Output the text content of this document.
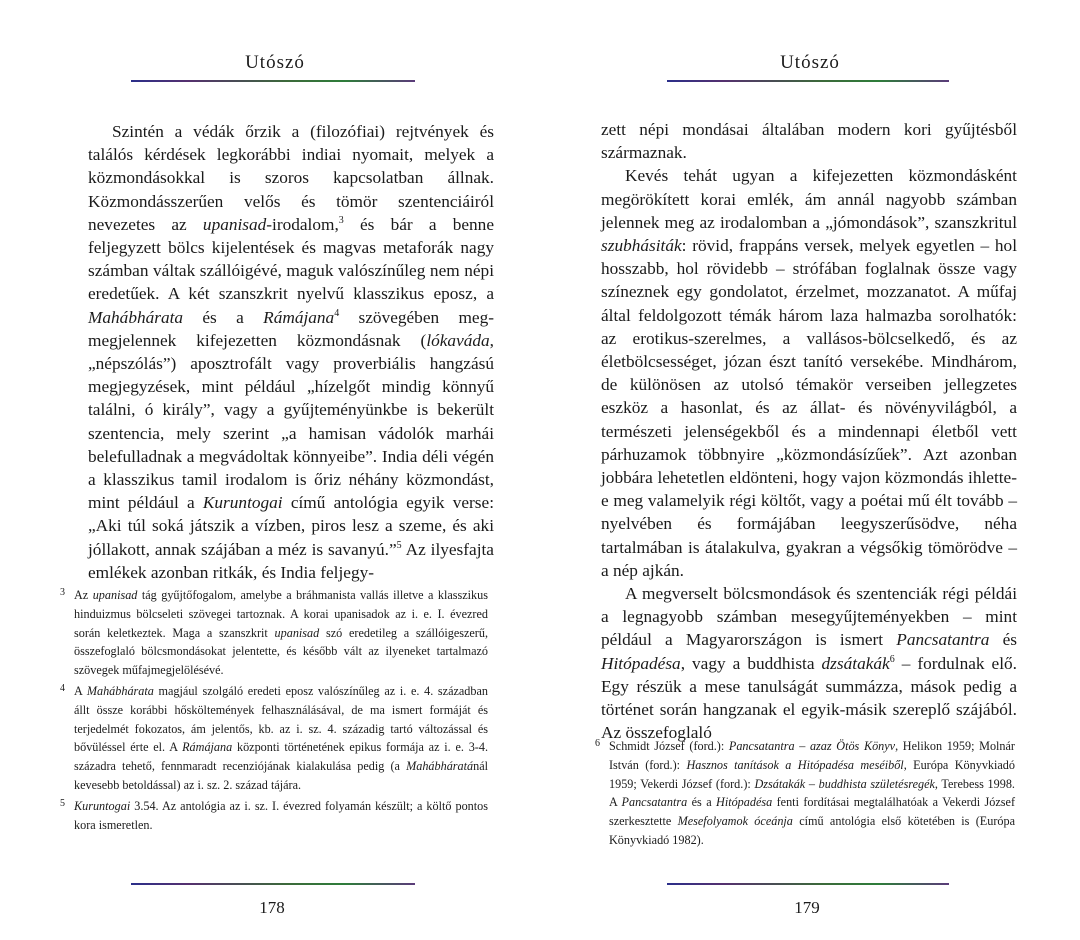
Utószó

Szintén a védák őrzik a (filozófiai) rejtvények és találós kérdések legkorábbi indiai nyomait, melyek a közmondásokkal is szoros kapcsolatban állnak. Közmondásszerűen velős és tömör szentenciáiról nevezetes az upanisad-irodalom,$^3$ és bár a benne feljegyzett bölcs kijelentések és magvas metaforák nagy számban váltak szállóigévé, maguk valószínűleg nem népi eredetűek. A két szanszkrit nyelvű klasszikus eposz, a Mahábhárata és a Rámájana$^4$ szövegében meg-megjelennek kifejezetten közmondásnak (lókaváda, „népszólás”) aposztrofált vagy proverbiális hangzású megjegyzések, mint például „hízelgőt mindig könnyű találni, ó király”, vagy a gyűjteményünkbe is bekerült szentencia, mely szerint „a hamisan vádolók marhái belefulladnak a megvádoltak könnyeibe”. India déli végén a klasszikus tamil irodalom is őriz néhány közmondást, mint például a Kuruntogai című antológia egyik verse: „Aki túl soká játszik a vízben, piros lesz a szeme, és aki jóllakott, annak szájában a méz is savanyú.”$^5$ Az ilyesfajta emlékek azonban ritkák, és India feljegy-

3 Az upanisad tág gyűjtőfogalom, amelybe a bráhmanista vallás illetve a klasszikus hinduizmus bölcseleti szövegei tartoznak. A korai upanisadok az i. e. I. évezred során keletkeztek. Maga a szanszkrit upanisad szó eredetileg a szállóigeszerű, összefoglaló bölcsmondásokat jelentette, és később vált az ilyeneket tartalmazó szövegek műfajmegjelölésévé.
4 A Mahábhárata magjául szolgáló eredeti eposz valószínűleg az i. e. 4. században állt össze korábbi hősköltemények felhasználásával, de ma ismert formáját és terjedelmét fokozatos, ám jelentős, kb. az i. sz. 4. századig tartó változással és bővüléssel érte el. A Rámájana központi történetének epikus formája az i. e. 3-4. századra tehető, fennmaradt recenziójának kialakulása pedig (a Mahábháratánál kevesebb betoldással) az i. sz. 2. század tájára.
5 Kuruntogai 3.54. Az antológia az i. sz. I. évezred folyamán készült; a költő pontos kora ismeretlen.
178
Utószó

zett népi mondásai általában modern kori gyűjtésből származnak.

Kevés tehát ugyan a kifejezetten közmondásként megörökített korai emlék, ám annál nagyobb számban jelennek meg az irodalomban a „jómondások”, szanszkritul szubhásiták: rövid, frappáns versek, melyek egyetlen – hol hosszabb, hol rövidebb – strófában foglalnak össze vagy színeznek egy gondolatot, érzelmet, mozzanatot. A műfaj által feldolgozott témák három laza halmazba sorolhatók: az erotikus-szerelmes, a vallásos-bölcselkedő, és az életbölcsességet, józan észt tanító versekébe. Mindhárom, de különösen az utolsó témakör verseiben jellegzetes eszköz a hasonlat, és az állat- és növényvilágból, a természeti jelenségekből és a mindennapi életből vett párhuzamok többnyire „közmondásízűek”. Azt azonban jobbára lehetetlen eldönteni, hogy vajon közmondás ihlette-e meg valamelyik régi költőt, vagy a poétai mű élt tovább – nyelvében és formájában leegyszerűsödve, néha tartalmában is átalakulva, gyakran a végsőkig tömörödve – a nép ajkán.

A megverselt bölcsmondások és szentenciák régi példái a legnagyobb számban mesegyűjteményekben – mint például a Magyarországon is ismert Pancsatantra és Hitópadésa, vagy a buddhista dzsátakák$^6$ – fordulnak elő. Egy részük a mese tanulságát summázza, mások pedig a történet során hangzanak el egyik-másik szereplő szájából. Az összefoglaló

6 Schmidt József (ford.): Pancsatantra – azaz Ötös Könyv, Helikon 1959; Molnár István (ford.): Hasznos tanítások a Hitópadésa meséiből, Európa Könyvkiadó 1959; Vekerdi József (ford.): Dzsátakák – buddhista születésregék, Terebess 1998. A Pancsatantra és a Hitópadésa fenti fordításai megtalálhatóak a Vekerdi József szerkesztette Mesefolyamok óceánja című antológia első kötetében is (Európa Könyvkiadó 1982).
179
